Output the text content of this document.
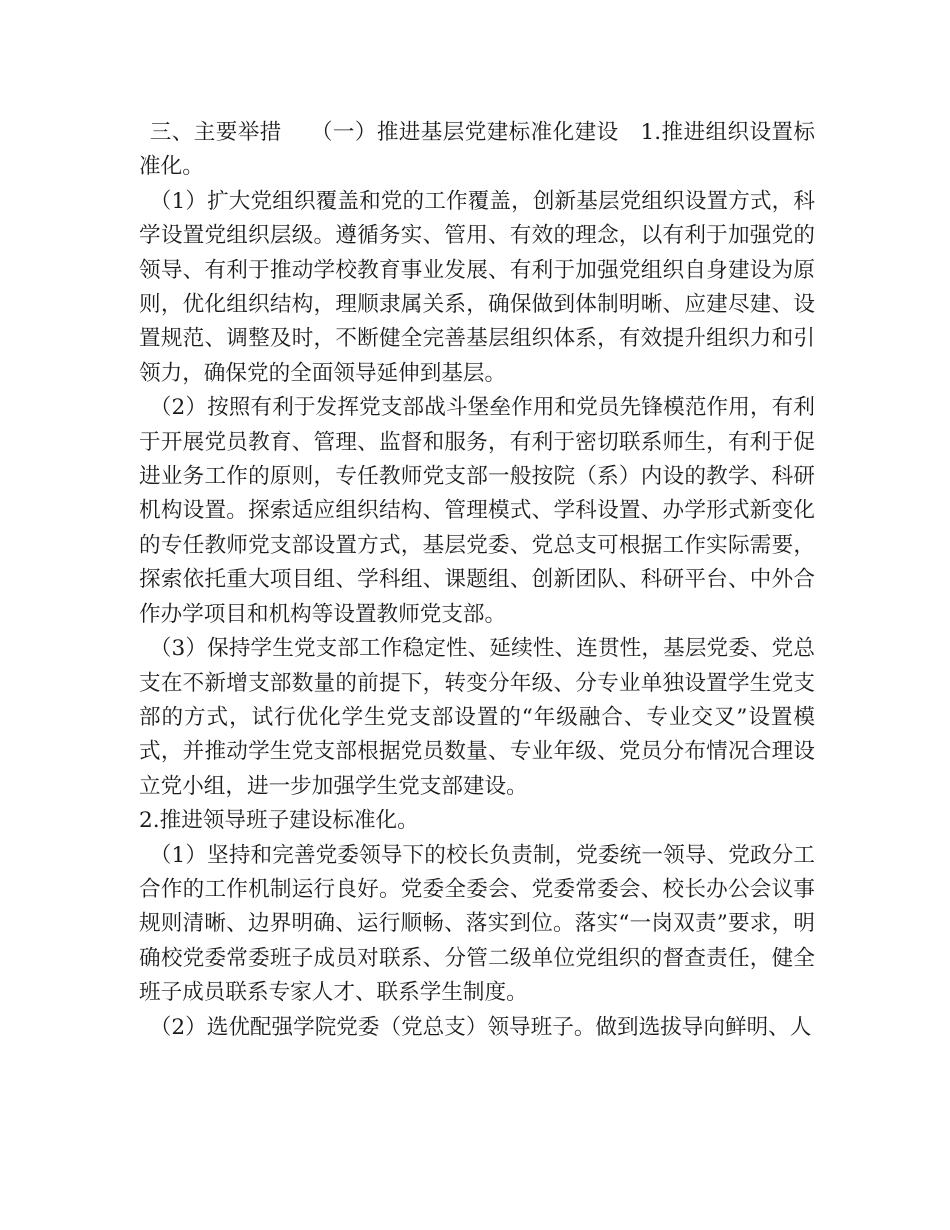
三、主要举措　 （一）推进基层党建标准化建设　1.推进组织设置标准化。

（1）扩大党组织覆盖和党的工作覆盖，创新基层党组织设置方式，科学设置党组织层级。遵循务实、管用、有效的理念，以有利于加强党的领导、有利于推动学校教育事业发展、有利于加强党组织自身建设为原则，优化组织结构，理顺隶属关系，确保做到体制明晰、应建尽建、设置规范、调整及时，不断健全完善基层组织体系，有效提升组织力和引领力，确保党的全面领导延伸到基层。

（2）按照有利于发挥党支部战斗堡垒作用和党员先锋模范作用，有利于开展党员教育、管理、监督和服务，有利于密切联系师生，有利于促进业务工作的原则，专任教师党支部一般按院（系）内设的教学、科研机构设置。探索适应组织结构、管理模式、学科设置、办学形式新变化的专任教师党支部设置方式，基层党委、党总支可根据工作实际需要，探索依托重大项目组、学科组、课题组、创新团队、科研平台、中外合作办学项目和机构等设置教师党支部。

（3）保持学生党支部工作稳定性、延续性、连贯性，基层党委、党总支在不新增支部数量的前提下，转变分年级、分专业单独设置学生党支部的方式，试行优化学生党支部设置的“年级融合、专业交叉”设置模式，并推动学生党支部根据党员数量、专业年级、党员分布情况合理设立党小组，进一步加强学生党支部建设。

2.推进领导班子建设标准化。

（1）坚持和完善党委领导下的校长负责制，党委统一领导、党政分工合作的工作机制运行良好。党委全委会、党委常委会、校长办公会议事规则清晰、边界明确、运行顺畅、落实到位。落实“一岗双责”要求，明确校党委常委班子成员对联系、分管二级单位党组织的督查责任，健全班子成员联系专家人才、联系学生制度。

（2）选优配强学院党委（党总支）领导班子。做到选拔导向鲜明、人
